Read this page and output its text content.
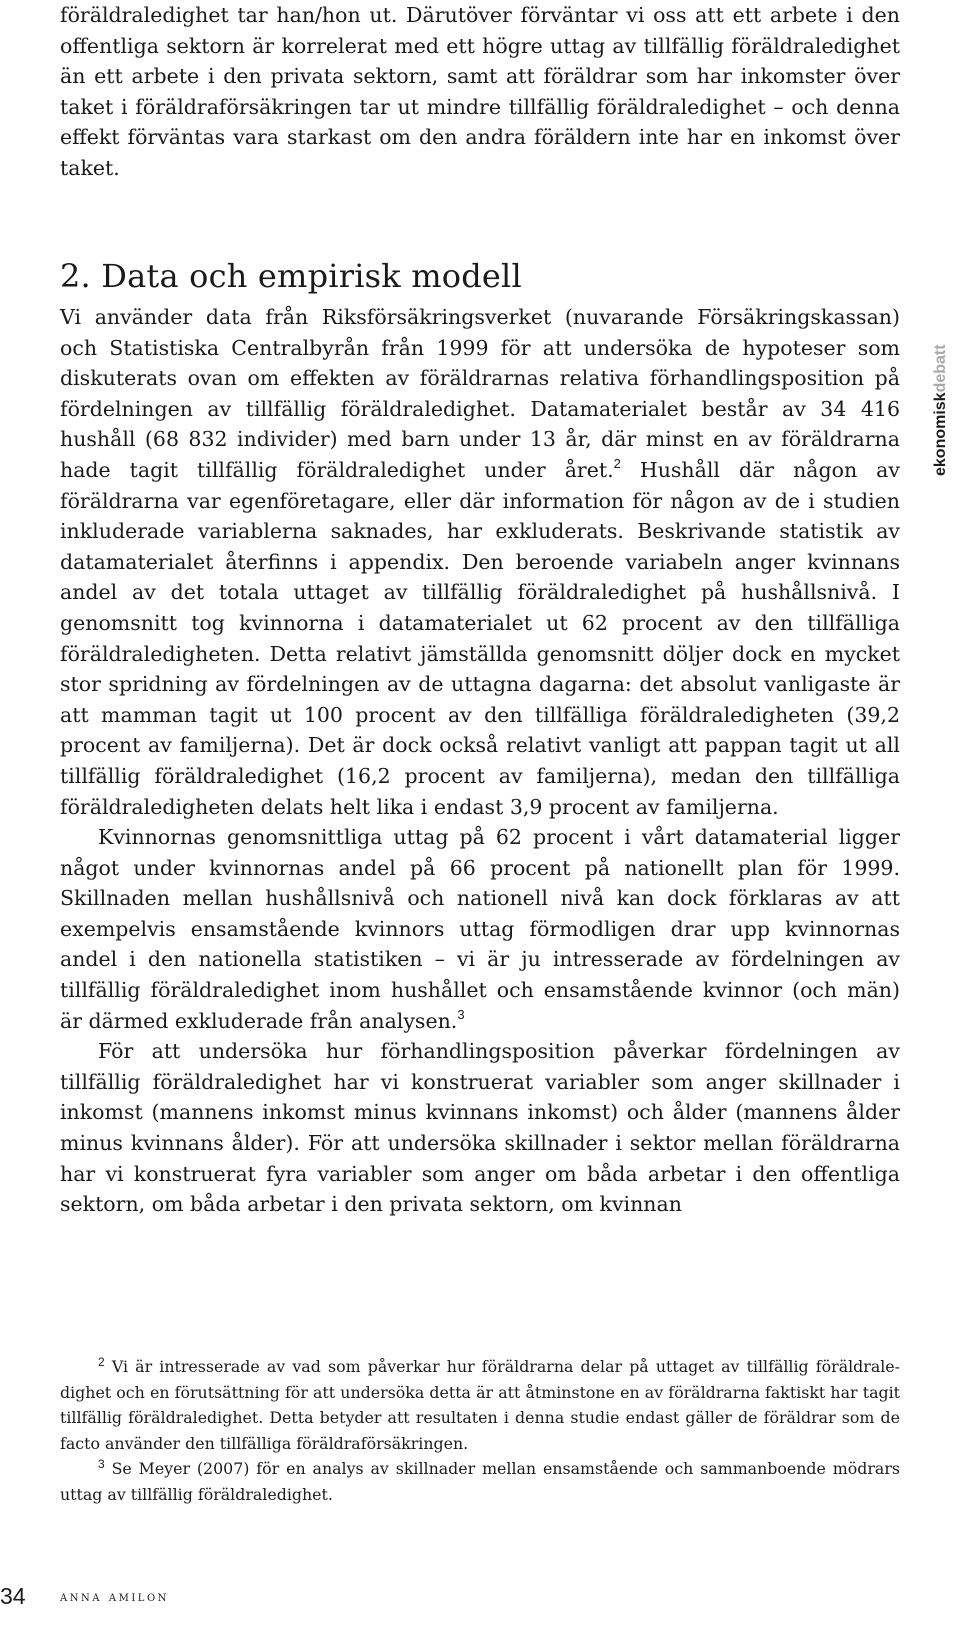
föräldraledighet tar han/hon ut. Därutöver förväntar vi oss att ett arbete i den offentliga sektorn är korrelerat med ett högre uttag av tillfällig föräldraledighet än ett arbete i den privata sektorn, samt att föräldrar som har inkomster över taket i föräldraförsäkringen tar ut mindre tillfällig föräldraledighet – och denna effekt förväntas vara starkast om den andra föräldern inte har en inkomst över taket.

2. Data och empirisk modell

Vi använder data från Riksförsäkringsverket (nuvarande Försäkringskassan) och Statistiska Centralbyrån från 1999 för att undersöka de hypoteser som diskuterats ovan om effekten av föräldrarnas relativa förhandlingsposition på fördelningen av tillfällig föräldraledighet. Datamaterialet består av 34 416 hushåll (68 832 individer) med barn under 13 år, där minst en av föräldrarna hade tagit tillfällig föräldraledighet under året.$^2$ Hushåll där någon av föräldrarna var egenföretagare, eller där information för någon av de i studien inkluderade variablerna saknades, har exkluderats. Beskrivande statistik av datamaterialet återfinns i appendix. Den beroende variabeln anger kvinnans andel av det totala uttaget av tillfällig föräldraledighet på hushållsnivå. I genomsnitt tog kvinnorna i datamaterialet ut 62 procent av den tillfälliga föräldraledigheten. Detta relativt jämställda genomsnitt döljer dock en mycket stor spridning av fördelningen av de uttagna dagarna: det absolut vanligaste är att mamman tagit ut 100 procent av den tillfälliga föräldraledigheten (39,2 procent av familjerna). Det är dock också relativt vanligt att pappan tagit ut all tillfällig föräldraledighet (16,2 procent av familjerna), medan den tillfälliga föräldraledigheten delats helt lika i endast 3,9 procent av familjerna.

Kvinnornas genomsnittliga uttag på 62 procent i vårt datamaterial ligger något under kvinnornas andel på 66 procent på nationellt plan för 1999. Skillnaden mellan hushållsnivå och nationell nivå kan dock förklaras av att exempelvis ensamstående kvinnors uttag förmodligen drar upp kvinnornas andel i den nationella statistiken – vi är ju intresserade av fördelningen av tillfällig föräldraledighet inom hushållet och ensamstående kvinnor (och män) är därmed exkluderade från analysen.$^3$

För att undersöka hur förhandlingsposition påverkar fördelningen av tillfällig föräldraledighet har vi konstruerat variabler som anger skillnader i inkomst (mannens inkomst minus kvinnans inkomst) och ålder (mannens ålder minus kvinnans ålder). För att undersöka skillnader i sektor mellan föräldrarna har vi konstruerat fyra variabler som anger om båda arbetar i den offentliga sektorn, om båda arbetar i den privata sektorn, om kvinnan

$^2$ Vi är intresserade av vad som påverkar hur föräldrarna delar på uttaget av tillfällig föräldraledighet och en förutsättning för att undersöka detta är att åtminstone en av föräldrarna faktiskt har tagit tillfällig föräldraledighet. Detta betyder att resultaten i denna studie endast gäller de föräldrar som de facto använder den tillfälliga föräldraförsäkringen.

$^3$ Se Meyer (2007) för en analys av skillnader mellan ensamstående och sammanboende mödrars uttag av tillfällig föräldraledighet.

34 anna amilon
ekonomiskdebatt
